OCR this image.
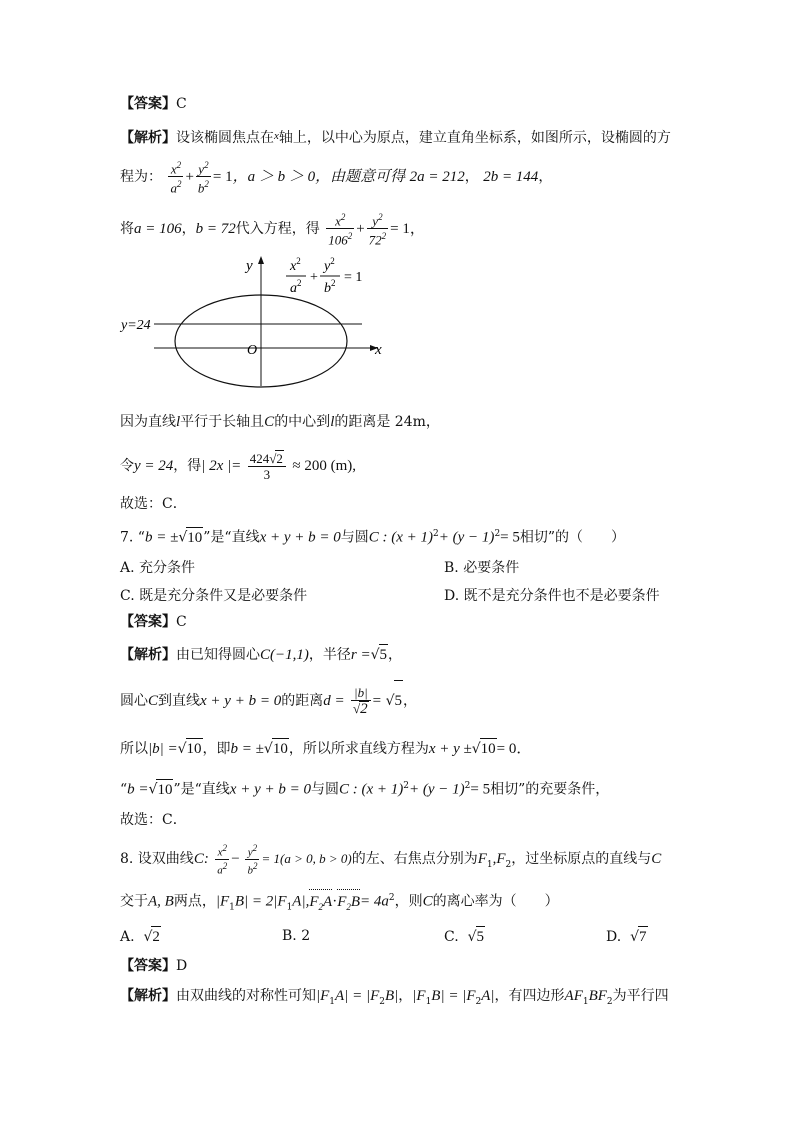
【答案】C
【解析】设该椭圆焦点在$^x$轴上，以中心为原点，建立直角坐标系，如图所示，设椭圆的方
程为： $\frac{x^2}{a^2} + \frac{y^2}{b^2} = 1$，a ＞ b ＞ 0，由题意可得 2a = 212， 2b = 144，
将a = 106，b = 72代入方程，得 $\frac{x^2}{106^2} + \frac{y^2}{72^2} = 1$，
y
x
O
y=24
$x^2$
$a^2$ +
$y^2$
$b^2 = 1$
因为直线l平行于长轴且C的中心到l的距离是 24m，
令y = 24，得| 2x |= $\frac{424√2}{3} \approx 200$ (m),
故选：C．
7. “b = ±√10”是“直线x + y + b = 0与圆C : $(x + 1)^2+ (y - 1)^2= 5$相切”的（　　）
A. 充分条件	B. 必要条件
C. 既是充分条件又是必要条件	D. 既不是充分条件也不是必要条件
【答案】C
【解析】由已知得圆心C(−1,1)，半径r =√5，
圆心C到直线x + y + b = 0的距离$d = \frac{|b|}{√2} = √5$，
所以|b| =√10，即b = ±√10，所以所求直线方程为x + y ±√10= 0．
“b =√10”是“直线x + y + b = 0与圆C : $(x + 1)^2+ (y - 1)^2= 5$相切”的充要条件，
故选：C．
8. 设双曲线C: $\frac{x^2}{a^2} - \frac{y^2}{b^2} = 1(a > 0$, b > 0)的左、右焦点分别为$F_1,F_2$，过坐标原点的直线与C
交于A, B两点，$|F_1B| = 2|F_1A|,F_2A\cdot F_2B= 4a^2$，则C的离心率为（　　）
A.  √2	B. 2	C.  √5	D.  √7
【答案】D
【解析】由双曲线的对称性可知$|F_1A| = |F_2B|$，$|F_1B| = |F_2A|$，有四边形$AF_1BF_2$为平行四
